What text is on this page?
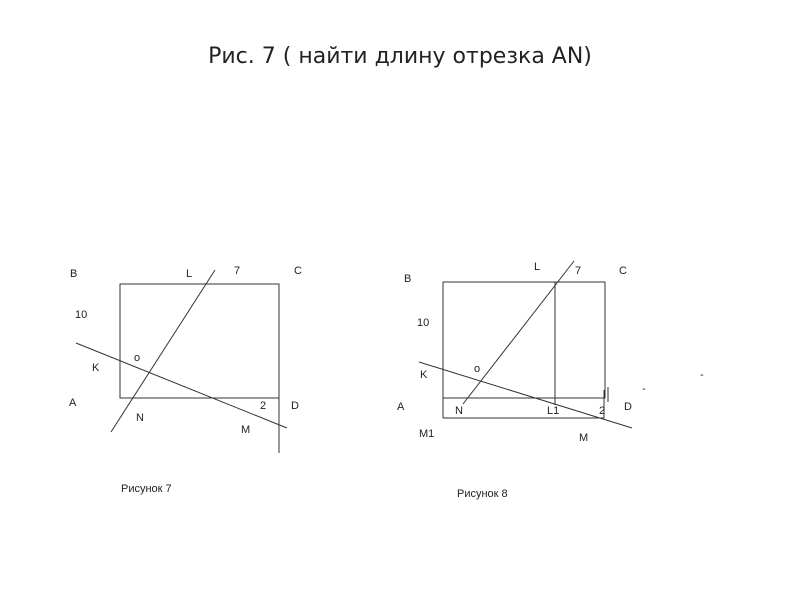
Рис. 7 ( найти длину отрезка AN)
B	L	7	C
10
o
K
A
N
2 D
M
Рисунок 7
B
L	7	C
10
K	o
A	N	L1	2 D
M1	M
-
-
Рисунок 8
